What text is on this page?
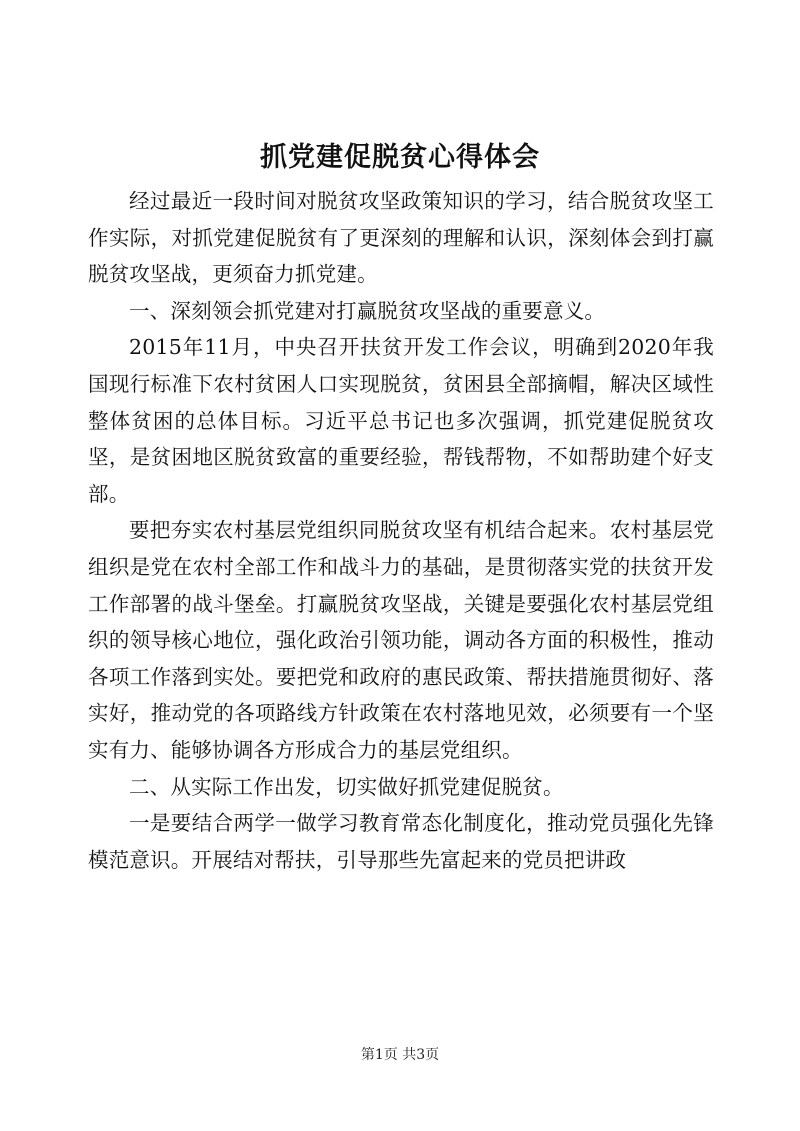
抓党建促脱贫心得体会

经过最近一段时间对脱贫攻坚政策知识的学习，结合脱贫攻坚工作实际，对抓党建促脱贫有了更深刻的理解和认识，深刻体会到打赢脱贫攻坚战，更须奋力抓党建。

一、深刻领会抓党建对打赢脱贫攻坚战的重要意义。

2015年11月，中央召开扶贫开发工作会议，明确到2020年我国现行标准下农村贫困人口实现脱贫，贫困县全部摘帽，解决区域性整体贫困的总体目标。习近平总书记也多次强调，抓党建促脱贫攻坚，是贫困地区脱贫致富的重要经验，帮钱帮物，不如帮助建个好支部。

要把夯实农村基层党组织同脱贫攻坚有机结合起来。农村基层党组织是党在农村全部工作和战斗力的基础，是贯彻落实党的扶贫开发工作部署的战斗堡垒。打赢脱贫攻坚战，关键是要强化农村基层党组织的领导核心地位，强化政治引领功能，调动各方面的积极性，推动各项工作落到实处。要把党和政府的惠民政策、帮扶措施贯彻好、落实好，推动党的各项路线方针政策在农村落地见效，必须要有一个坚实有力、能够协调各方形成合力的基层党组织。

二、从实际工作出发，切实做好抓党建促脱贫。

一是要结合两学一做学习教育常态化制度化，推动党员强化先锋模范意识。开展结对帮扶，引导那些先富起来的党员把讲政

第1页 共3页
